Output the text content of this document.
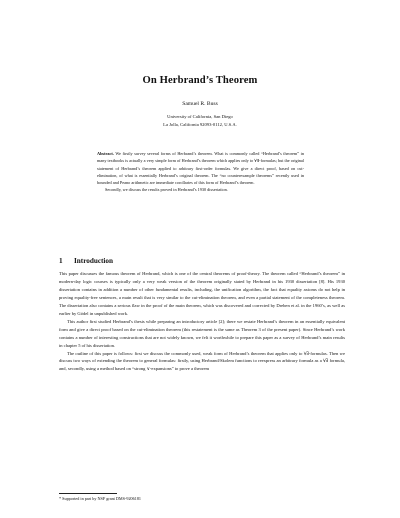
On Herbrand’s Theorem
Samuel R. Buss
University of California, San Diego
La Jolla, California 92093-0112, U.S.A.

Abstract. We firstly survey several forms of Herbrand’s theorem. What is commonly called “Herbrand’s theorem” in many textbooks is actually a very simple form of Herbrand’s theorem which applies only to ∀∃-formulas; but the original statement of Herbrand’s theorem applied to arbitrary first-order formulas. We give a direct proof, based on cut-elimination, of what is essentially Herbrand’s original theorem. The “no counterexample theorems” recently used in bounded and Peano arithmetic are immediate corollaries of this form of Herbrand’s theorem.

Secondly, we discuss the results proved in Herbrand’s 1930 dissertation.

1 Introduction

This paper discusses the famous theorem of Herbrand, which is one of the central theorems of proof-theory. The theorem called “Herbrand’s theorem” in modern-day logic courses is typically only a very weak version of the theorem originally stated by Herbrand in his 1930 dissertation [8]. His 1930 dissertation contains in addition a number of other fundamental results, including, the unification algorithm, the fact that equality axioms do not help in proving equality-free sentences, a main result that is very similar to the cut-elimination theorem, and even a partial statement of the completeness theorem. The dissertation also contains a serious flaw in the proof of the main theorem, which was discovered and corrected by Dreben et al. in the 1960’s, as well as earlier by Gödel in unpublished work.

This author first studied Herbrand’s thesis while preparing an introductory article [2]; there we restate Herbrand’s theorem in an essentially equivalent form and give a direct proof based on the cut-elimination theorem (this restatement is the same as Theorem 3 of the present paper). Since Herbrand’s work contains a number of interesting constructions that are not widely known, we felt it worthwhile to prepare this paper as a survey of Herbrand’s main results in chapter 5 of his dissertation.

The outline of this paper is follows: first we discuss the commonly used, weak form of Herbrand’s theorem that applies only to ∀∃-formulas. Then we discuss two ways of extending the theorem to general formulas: firstly, using Herbrand/Skolem functions to reexpress an arbitrary formula as a ∀∃ formula, and, secondly, using a method based on “strong ∨-expansions” to prove a theorem

* Supported in part by NSF grant DMS-9206181
